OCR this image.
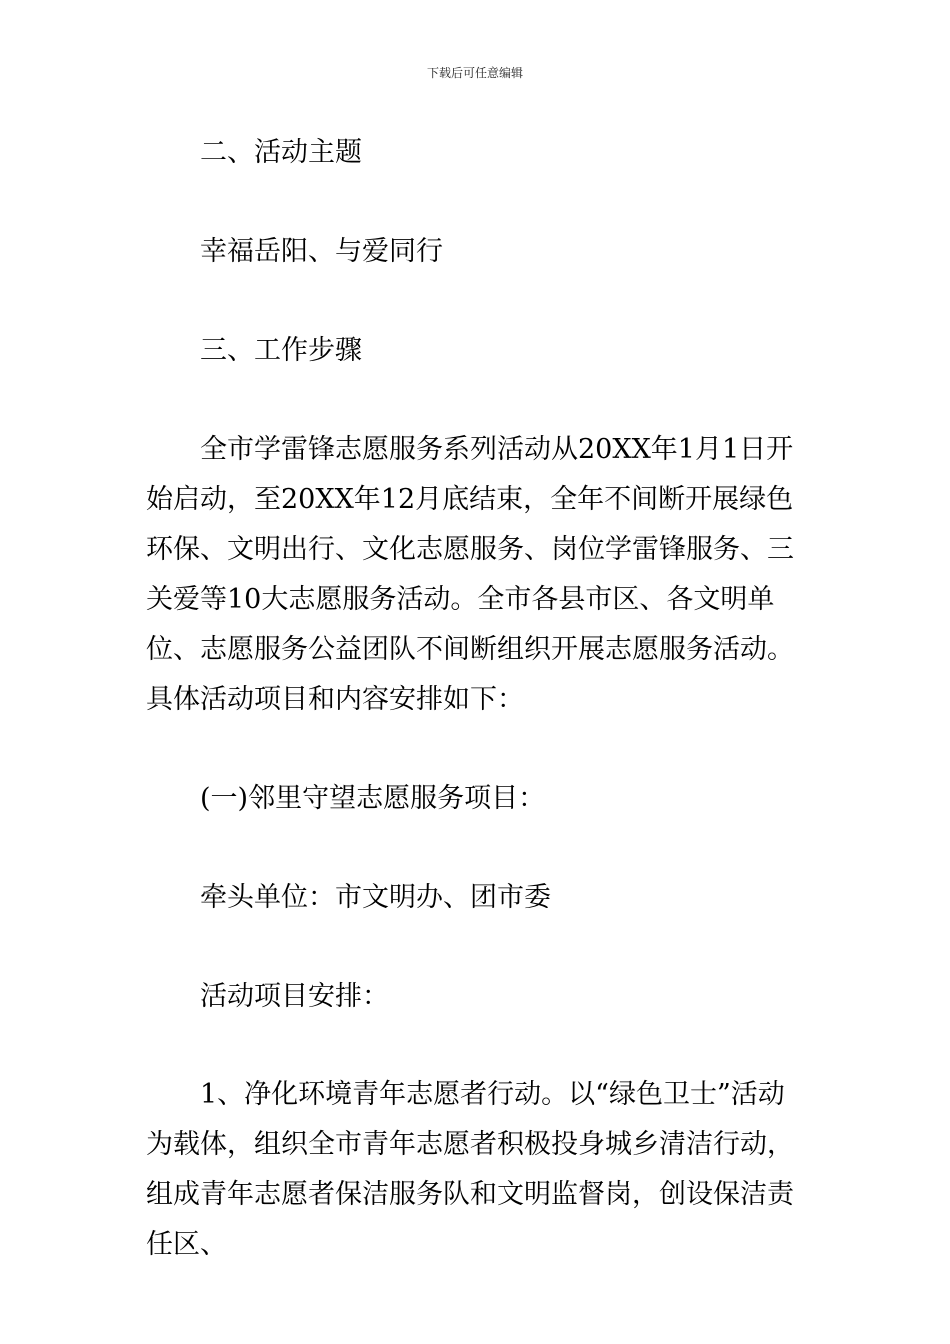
下载后可任意编辑

二、活动主题

幸福岳阳、与爱同行

三、工作步骤

全市学雷锋志愿服务系列活动从20XX年1月1日开始启动，至20XX年12月底结束，全年不间断开展绿色环保、文明出行、文化志愿服务、岗位学雷锋服务、三关爱等10大志愿服务活动。全市各县市区、各文明单位、志愿服务公益团队不间断组织开展志愿服务活动。具体活动项目和内容安排如下：

(一)邻里守望志愿服务项目：

牵头单位：市文明办、团市委

活动项目安排：

1、净化环境青年志愿者行动。以“绿色卫士”活动为载体，组织全市青年志愿者积极投身城乡清洁行动，组成青年志愿者保洁服务队和文明监督岗，创设保洁责任区、
